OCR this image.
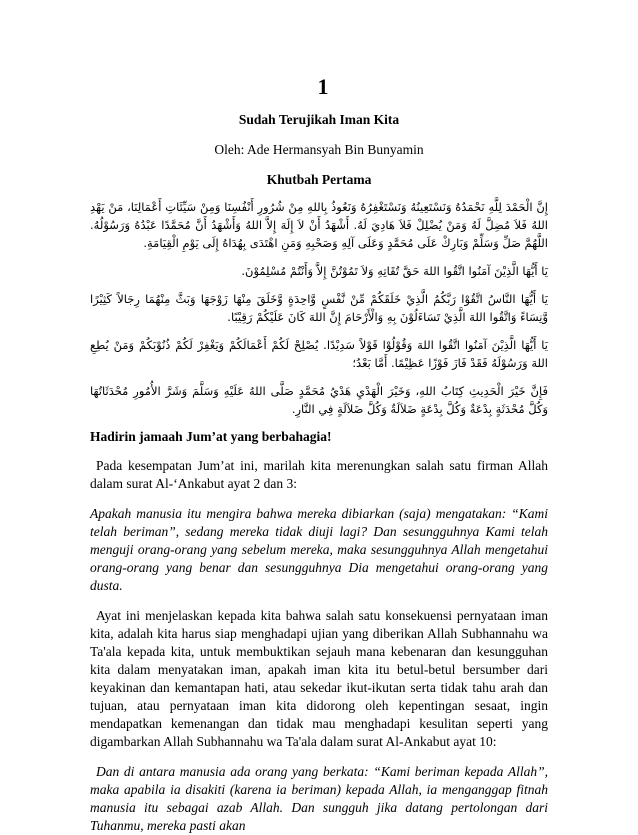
1
Sudah Terujikah Iman Kita
Oleh: Ade Hermansyah Bin Bunyamin
Khutbah Pertama
إِنَّ الْحَمْدَ لِلَّهِ نَحْمَدُهُ وَنَسْتَعِينُهُ وَنَسْتَغْفِرُهُ وَنَعُوذُ بِاللهِ مِنْ شُرُورِ أَنْفُسِنَا وَمِنْ سَيِّئَاتِ أَعْمَالِنَا، مَنْ يَهْدِ اللهُ فَلاَ مُضِلَّ لَهُ وَمَنْ يُضْلِلْ فَلاَ هَادِيَ لَهُ. أَشْهَدُ أَنْ لاَ إِلَهَ إِلاَّ اللهُ وَأَشْهَدُ أَنَّ مُحَمَّدًا عَبْدُهُ وَرَسُوْلُهُ. اللَّهُمَّ صَلِّ وَسَلِّمْ وَبَارِكْ عَلَى مُحَمَّدٍ وَعَلَى آلِهِ وَصَحْبِهِ وَمَنِ اهْتَدَى بِهُدَاهُ إِلَى يَوْمِ الْقِيَامَةِ.
يَا أَيُّهَا الَّذِيْنَ آمَنُوا اتَّقُوا اللهَ حَقَّ تُقَاتِهِ وَلاَ تَمُوْتُنَّ إِلاَّ وَأَنْتُمْ مُسْلِمُوْنَ.
يَا أَيُّهَا النَّاسُ اتَّقُوْا رَبَّكُمُ الَّذِيْ خَلَقَكُمْ مِّنْ نَّفْسٍ وَّاحِدَةٍ وَّخَلَقَ مِنْهَا زَوْجَهَا وَبَثَّ مِنْهُمَا رِجَالاً كَثِيْرًا وَّنِسَاءً وَاتَّقُوا اللهَ الَّذِيْ تَسَاءَلُوْنَ بِهِ وَالْأَرْحَامَ إِنَّ اللهَ كَانَ عَلَيْكُمْ رَقِيْبًا.
يَا أَيُّهَا الَّذِيْنَ آمَنُوا اتَّقُوا اللهَ وَقُوْلُوْا قَوْلاً سَدِيْدًا. يُصْلِحْ لَكُمْ أَعْمَالَكُمْ وَيَغْفِرْ لَكُمْ ذُنُوْبَكُمْ وَمَنْ يُطِعِ اللهَ وَرَسُوْلَهُ فَقَدْ فَازَ فَوْزًا عَظِيْمًا. أَمَّا بَعْدُ؛
فَإِنَّ خَيْرَ الْحَدِيثِ كِتَابُ اللهِ، وَخَيْرَ الْهَدْيِ هَدْيُ مُحَمَّدٍ صَلَّى اللهُ عَلَيْهِ وَسَلَّمَ وَشَرَّ الأُمُورِ مُحْدَثَاتُهَا وَكُلَّ مُحْدَثَةٍ بِدْعَةٌ وَكُلَّ بِدْعَةٍ ضَلاَلَةٌ وَكُلَّ ضَلاَلَةٍ فِي النَّارِ.
Hadirin jamaah Jum’at yang berbahagia!

Pada kesempatan Jum’at ini, marilah kita merenungkan salah satu firman Allah dalam surat Al-‘Ankabut ayat 2 dan 3:

Apakah manusia itu mengira bahwa mereka dibiarkan (saja) mengatakan: “Kami telah beriman”, sedang mereka tidak diuji lagi? Dan sesungguhnya Kami telah menguji orang-orang yang sebelum mereka, maka sesungguhnya Allah mengetahui orang-orang yang benar dan sesungguhnya Dia mengetahui orang-orang yang dusta.

Ayat ini menjelaskan kepada kita bahwa salah satu konsekuensi pernyataan iman kita, adalah kita harus siap menghadapi ujian yang diberikan Allah Subhannahu wa Ta'ala kepada kita, untuk membuktikan sejauh mana kebenaran dan kesungguhan kita dalam menyatakan iman, apakah iman kita itu betul-betul bersumber dari keyakinan dan kemantapan hati, atau sekedar ikut-ikutan serta tidak tahu arah dan tujuan, atau pernyataan iman kita didorong oleh kepentingan sesaat, ingin mendapatkan kemenangan dan tidak mau menghadapi kesulitan seperti yang digambarkan Allah Subhannahu wa Ta'ala dalam surat Al-Ankabut ayat 10:

Dan di antara manusia ada orang yang berkata: “Kami beriman kepada Allah”, maka apabila ia disakiti (karena ia beriman) kepada Allah, ia menganggap fitnah manusia itu sebagai azab Allah. Dan sungguh jika datang pertolongan dari Tuhanmu, mereka pasti akan
